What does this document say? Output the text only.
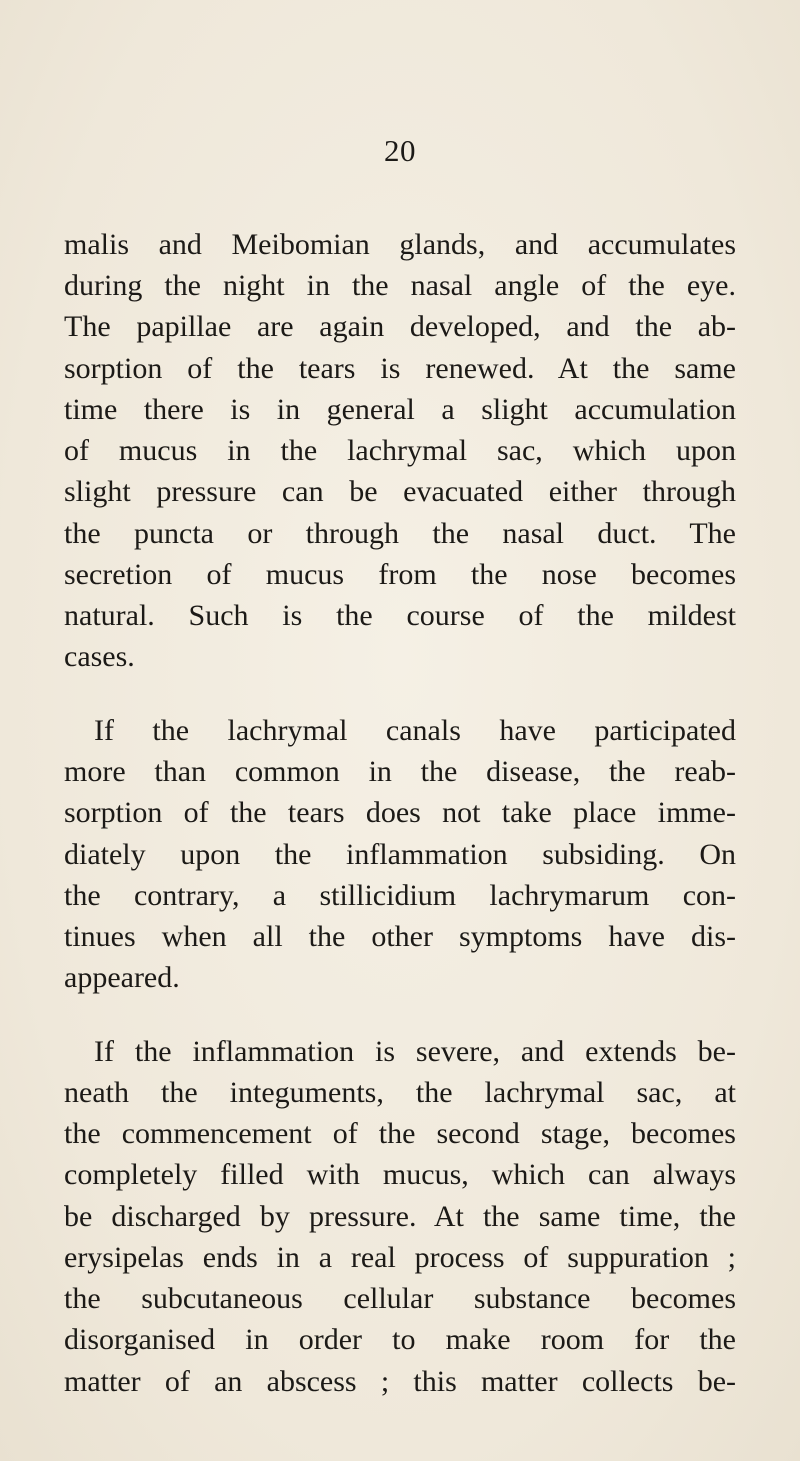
20

malis and Meibomian glands, and accumulates

during the night in the nasal angle of the eye.

The papillae are again developed, and the ab-

sorption of the tears is renewed. At the same

time there is in general a slight accumulation

of mucus in the lachrymal sac, which upon

slight pressure can be evacuated either through

the puncta or through the nasal duct. The

secretion of mucus from the nose becomes

natural. Such is the course of the mildest

cases.

If the lachrymal canals have participated

more than common in the disease, the reab-

sorption of the tears does not take place imme-

diately upon the inflammation subsiding. On

the contrary, a stillicidium lachrymarum con-

tinues when all the other symptoms have dis-

appeared.

If the inflammation is severe, and extends be-

neath the integuments, the lachrymal sac, at

the commencement of the second stage, becomes

completely filled with mucus, which can always

be discharged by pressure. At the same time, the

erysipelas ends in a real process of suppuration ;

the subcutaneous cellular substance becomes

disorganised in order to make room for the

matter of an abscess ; this matter collects be-
